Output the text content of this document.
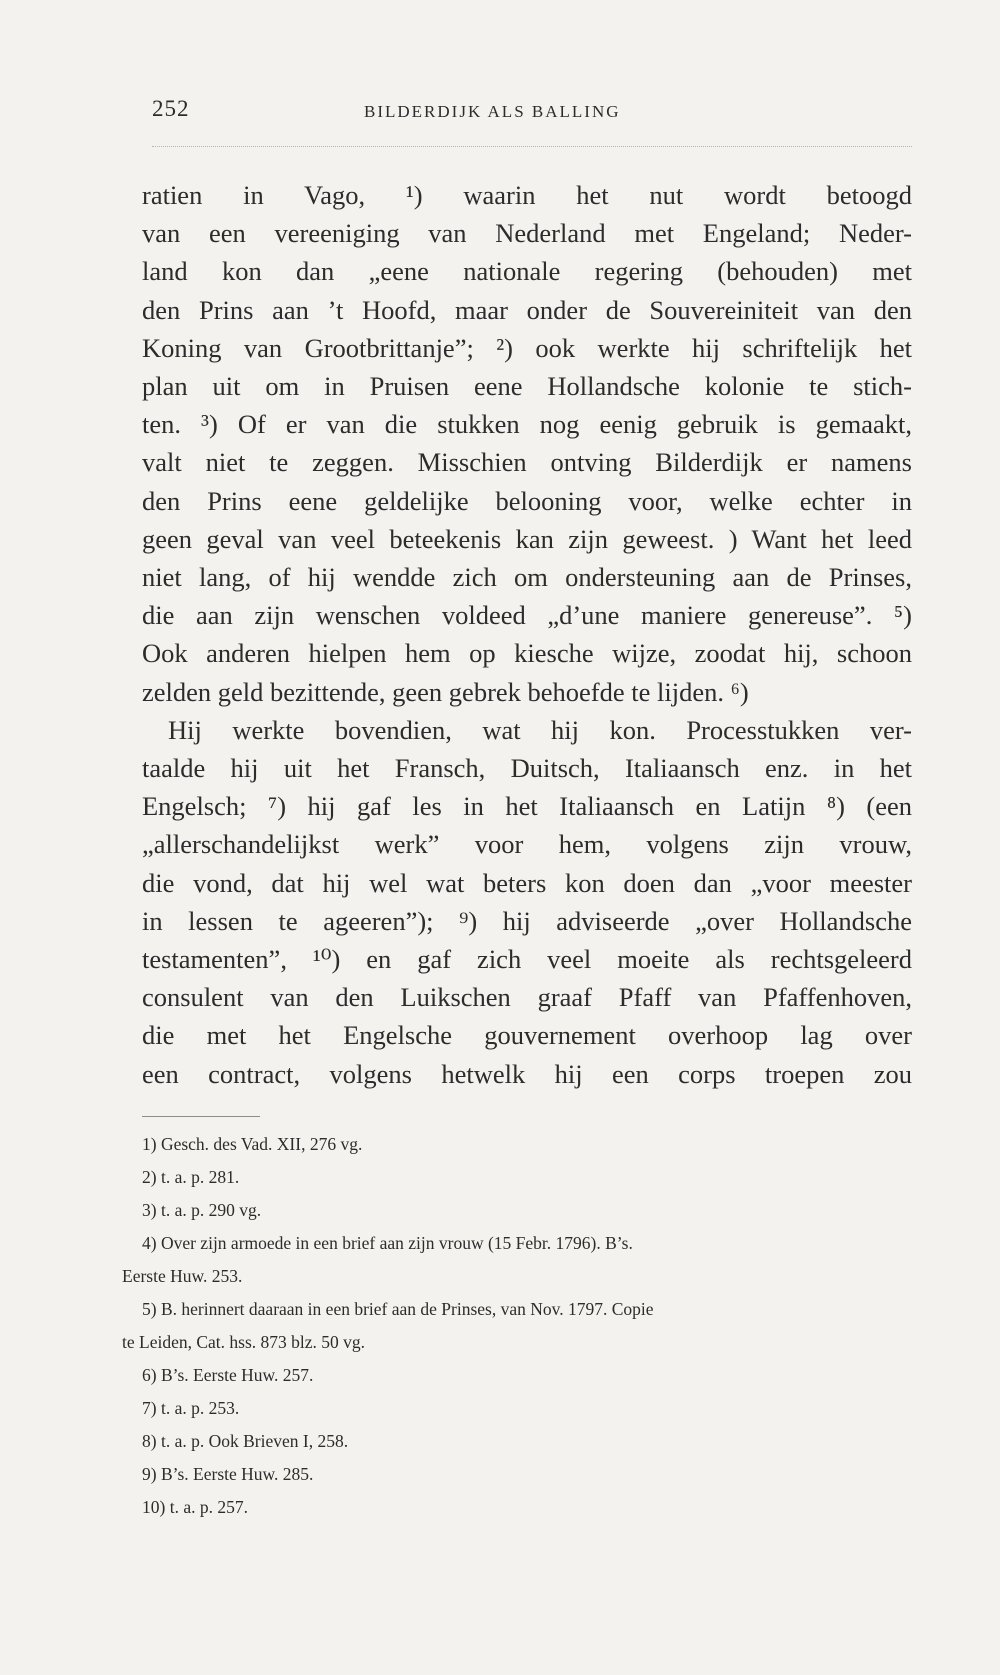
252	BILDERDIJK ALS BALLING
ratien in Vago, ¹) waarin het nut wordt betoogd
van een vereeniging van Nederland met Engeland; Neder-
land kon dan „eene nationale regering (behouden) met
den Prins aan ’t Hoofd, maar onder de Souvereiniteit van den
Koning van Grootbrittanje”; ²) ook werkte hij schriftelijk het
plan uit om in Pruisen eene Hollandsche kolonie te stich-
ten. ³) Of er van die stukken nog eenig gebruik is gemaakt,
valt niet te zeggen. Misschien ontving Bilderdijk er namens
den Prins eene geldelijke belooning voor, welke echter in
geen geval van veel beteekenis kan zijn geweest. ) Want het leed
niet lang, of hij wendde zich om ondersteuning aan de Prinses,
die aan zijn wenschen voldeed „d’une maniere genereuse”. ⁵)
Ook anderen hielpen hem op kiesche wijze, zoodat hij, schoon
zelden geld bezittende, geen gebrek behoefde te lijden. ⁶)
Hij werkte bovendien, wat hij kon. Processtukken ver-
taalde hij uit het Fransch, Duitsch, Italiaansch enz. in het
Engelsch; ⁷) hij gaf les in het Italiaansch en Latijn ⁸) (een
„allerschandelijkst werk” voor hem, volgens zijn vrouw,
die vond, dat hij wel wat beters kon doen dan „voor meester
in lessen te ageeren”); ⁹) hij adviseerde „over Hollandsche
testamenten”, ¹⁰) en gaf zich veel moeite als rechtsgeleerd
consulent van den Luikschen graaf Pfaff van Pfaffenhoven,
die met het Engelsche gouvernement overhoop lag over
een contract, volgens hetwelk hij een corps troepen zou
1) Gesch. des Vad. XII, 276 vg.
2) t. a. p. 281.
3) t. a. p. 290 vg.
4) Over zijn armoede in een brief aan zijn vrouw (15 Febr. 1796). B’s.
Eerste Huw. 253.
5) B. herinnert daaraan in een brief aan de Prinses, van Nov. 1797. Copie
te Leiden, Cat. hss. 873 blz. 50 vg.
6) B’s. Eerste Huw. 257.
7) t. a. p. 253.
8) t. a. p. Ook Brieven I, 258.
9) B’s. Eerste Huw. 285.
10) t. a. p. 257.
